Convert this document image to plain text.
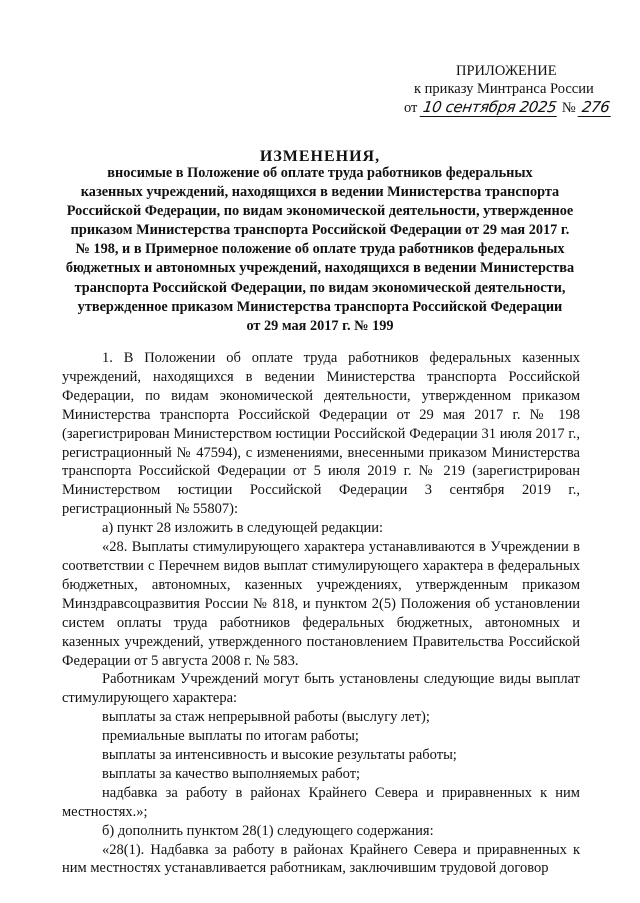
ПРИЛОЖЕНИЕ
к приказу Минтранса России
от 10 сентября 2025 № 276
ИЗМЕНЕНИЯ,
вносимые в Положение об оплате труда работников федеральных
казенных учреждений, находящихся в ведении Министерства транспорта
Российской Федерации, по видам экономической деятельности, утвержденное
приказом Министерства транспорта Российской Федерации от 29 мая 2017 г.
№ 198, и в Примерное положение об оплате труда работников федеральных
бюджетных и автономных учреждений, находящихся в ведении Министерства
транспорта Российской Федерации, по видам экономической деятельности,
утвержденное приказом Министерства транспорта Российской Федерации
от 29 мая 2017 г. № 199

1. В Положении об оплате труда работников федеральных казенных учреждений, находящихся в ведении Министерства транспорта Российской Федерации, по видам экономической деятельности, утвержденном приказом Министерства транспорта Российской Федерации от 29 мая 2017 г. № 198 (зарегистрирован Министерством юстиции Российской Федерации 31 июля 2017 г., регистрационный № 47594), с изменениями, внесенными приказом Министерства транспорта Российской Федерации от 5 июля 2019 г. № 219 (зарегистрирован Министерством юстиции Российской Федерации 3 сентября 2019 г., регистрационный № 55807):

а) пункт 28 изложить в следующей редакции:

«28. Выплаты стимулирующего характера устанавливаются в Учреждении в соответствии с Перечнем видов выплат стимулирующего характера в федеральных бюджетных, автономных, казенных учреждениях, утвержденным приказом Минздравсоцразвития России № 818, и пунктом 2(5) Положения об установлении систем оплаты труда работников федеральных бюджетных, автономных и казенных учреждений, утвержденного постановлением Правительства Российской Федерации от 5 августа 2008 г. № 583.

Работникам Учреждений могут быть установлены следующие виды выплат стимулирующего характера:

выплаты за стаж непрерывной работы (выслугу лет);

премиальные выплаты по итогам работы;

выплаты за интенсивность и высокие результаты работы;

выплаты за качество выполняемых работ;

надбавка за работу в районах Крайнего Севера и приравненных к ним местностях.»;

б) дополнить пунктом 28(1) следующего содержания:

«28(1). Надбавка за работу в районах Крайнего Севера и приравненных к ним местностях устанавливается работникам, заключившим трудовой договор
